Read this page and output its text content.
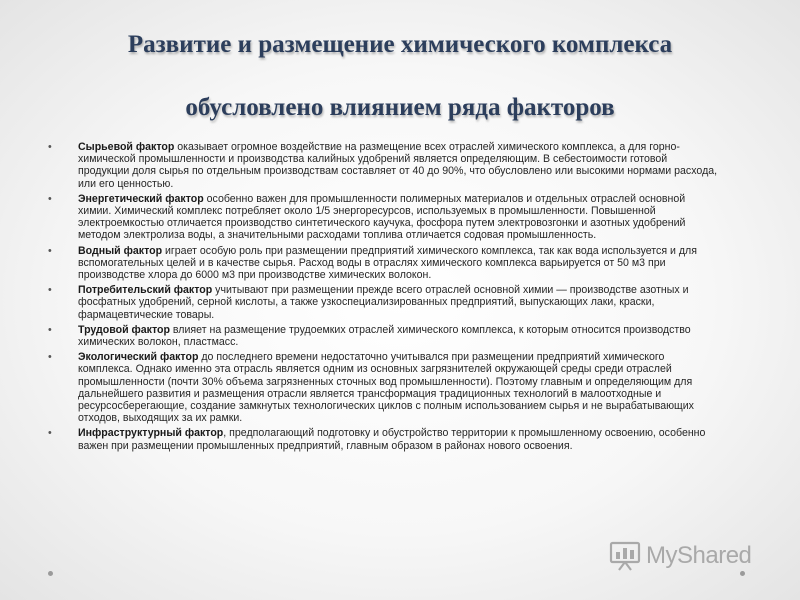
Развитие и размещение химического комплекса
обусловлено влиянием ряда факторов
• Сырьевой фактор оказывает огромное воздействие на размещение всех отраслей химического комплекса, а для горно-химической промышленности и производства калийных удобрений является определяющим. В себестоимости готовой продукции доля сырья по отдельным производствам составляет от 40 до 90%, что обусловлено или высокими нормами расхода, или его ценностью.
• Энергетический фактор особенно важен для промышленности полимерных материалов и отдельных отраслей основной химии. Химический комплекс потребляет около 1/5 энергоресурсов, используемых в промышленности. Повышенной электроемкостью отличается производство синтетического каучука, фосфора путем электровозгонки и азотных удобрений методом электролиза воды, а значительными расходами топлива отличается содовая промышленность.
• Водный фактор играет особую роль при размещении предприятий химического комплекса, так как вода используется и для вспомогательных целей и в качестве сырья. Расход воды в отраслях химического комплекса варьируется от 50 м3 при производстве хлора до 6000 м3 при производстве химических волокон.
• Потребительский фактор учитывают при размещении прежде всего отраслей основной химии — производстве азотных и фосфатных удобрений, серной кислоты, а также узкоспециализированных предприятий, выпускающих лаки, краски, фармацевтические товары.
• Трудовой фактор влияет на размещение трудоемких отраслей химического комплекса, к которым относится производство химических волокон, пластмасс.
• Экологический фактор до последнего времени недостаточно учитывался при размещении предприятий химического комплекса. Однако именно эта отрасль является одним из основных загрязнителей окружающей среды среди отраслей промышленности (почти 30% объема загрязненных сточных вод промышленности). Поэтому главным и определяющим для дальнейшего развития и размещения отрасли является трансформация традиционных технологий в малоотходные и ресурсосберегающие, создание замкнутых технологических циклов с полным использованием сырья и не вырабатывающих отходов, выходящих за их рамки.
• Инфраструктурный фактор, предполагающий подготовку и обустройство территории к промышленному освоению, особенно важен при размещении промышленных предприятий, главным образом в районах нового освоения.
MyShared
